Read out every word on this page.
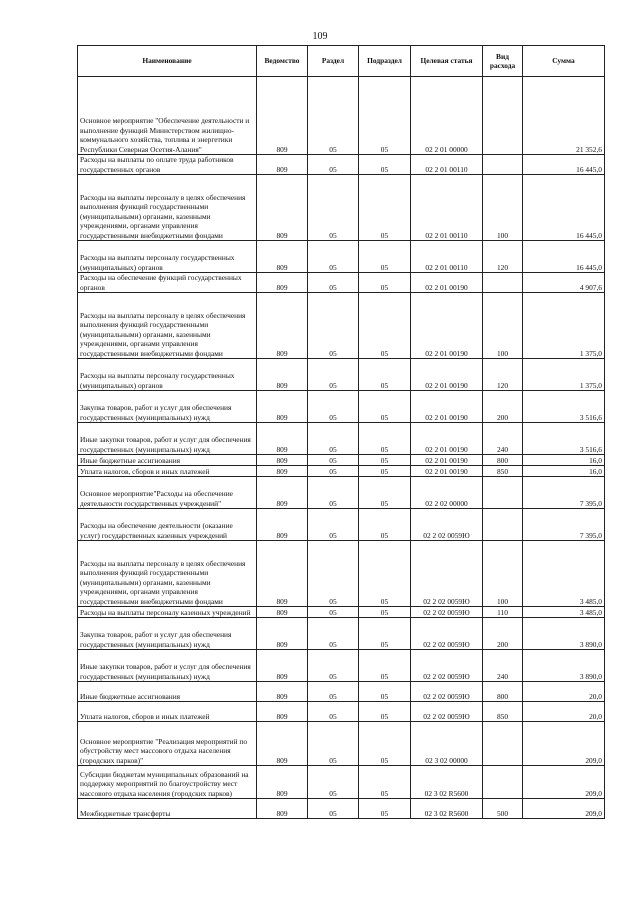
109
Наименование	Ведомство	Раздел	Подраздел	Целевая статья	Вид расхода	Сумма
Основное мероприятие "Обеспечение деятельности и выполнение функций Министерством жилищно-коммунального хозяйства, топлива и энергетики Республики Северная Осетия-Алания"	809	05	05	02 2 01 00000		21 352,6
Расходы на выплаты по оплате труда работников государственных органов	809	05	05	02 2 01 00110		16 445,0
Расходы на выплаты персоналу в целях обеспечения выполнения функций государственными (муниципальными) органами, казенными учреждениями, органами управления государственными внебюджетными фондами	809	05	05	02 2 01 00110	100	16 445,0
Расходы на выплаты персоналу государственных (муниципальных) органов	809	05	05	02 2 01 00110	120	16 445,0
Расходы на обеспечение функций государственных органов	809	05	05	02 2 01 00190		4 907,6
Расходы на выплаты персоналу в целях обеспечения выполнения функций государственными (муниципальными) органами, казенными учреждениями, органами управления государственными внебюджетными фондами	809	05	05	02 2 01 00190	100	1 375,0
Расходы на выплаты персоналу государственных (муниципальных) органов	809	05	05	02 2 01 00190	120	1 375,0
Закупка товаров, работ и услуг для обеспечения государственных (муниципальных) нужд	809	05	05	02 2 01 00190	200	3 516,6
Иные закупки товаров, работ и услуг для обеспечения государственных (муниципальных) нужд	809	05	05	02 2 01 00190	240	3 516,6
Иные бюджетные ассигнования	809	05	05	02 2 01 00190	800	16,0
Уплата налогов, сборов и иных платежей	809	05	05	02 2 01 00190	850	16,0
Основное мероприятие"Расходы на обеспечение деятельности государственных учреждений"	809	05	05	02 2 02 00000		7 395,0
Расходы на обеспечение деятельности (оказание услуг) государственных казенных учреждений	809	05	05	02 2 02 0059Ю		7 395,0
Расходы на выплаты персоналу в целях обеспечения выполнения функций государственными (муниципальными) органами, казенными учреждениями, органами управления государственными внебюджетными фондами	809	05	05	02 2 02 0059Ю	100	3 485,0
Расходы на выплаты персоналу казенных учреждений	809	05	05	02 2 02 0059Ю	110	3 485,0
Закупка товаров, работ и услуг для обеспечения государственных (муниципальных) нужд	809	05	05	02 2 02 0059Ю	200	3 890,0
Иные закупки товаров, работ и услуг для обеспечения государственных (муниципальных) нужд	809	05	05	02 2 02 0059Ю	240	3 890,0
Иные бюджетные ассигнования	809	05	05	02 2 02 0059Ю	800	20,0
Уплата налогов, сборов и иных платежей	809	05	05	02 2 02 0059Ю	850	20,0
Основное мероприятие "Реализация мероприятий по обустройству мест массового отдыха населения (городских парков)"	809	05	05	02 3 02 00000		209,0
Субсидии бюджетам муниципальных образований на поддержку мероприятий по благоустройству мест массового отдыха населения (городских парков)	809	05	05	02 3 02 R5600		209,0
Межбюджетные трансферты	809	05	05	02 3 02 R5600	500	209,0
